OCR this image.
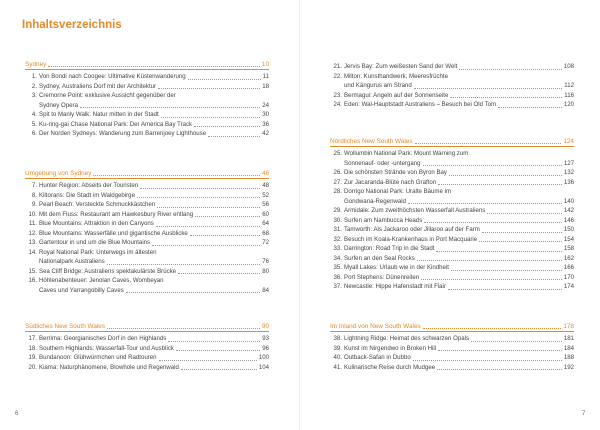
Inhaltsverzeichnis
Sydney	10
1. Von Bondi nach Coogee: Ultimative Küstenwanderung	11
2. Sydney, Australiens Dorf mit der Architektur	18
3. Cremorne Point: exklusive Aussicht gegenüber der
Sydney Opera	24
4. Spit to Manly Walk: Natur mitten in der Stadt	30
5. Ku-ring-gai Chase National Park: Der America Bay Track	36
6. Der Norden Sydneys: Wanderung zum Barrenjoey Lighthouse	42
Umgebung von Sydney	46
7. Hunter Region: Abseits der Touristen	48
8. Kiltorans: Die Stadt im Waldgebirge	52
9. Pearl Beach: Versteckte Schmuckkästchen	56
10. Mit dem Fluss: Restaurant am Hawkesbury River entlang	60
11. Blue Mountains: Attraktion in den Canyons	64
12. Blue Mountains: Wasserfälle und gigantische Ausblicke	68
13. Gartentour in und um die Blue Mountains	72
14. Royal National Park: Unterwegs im ältesten
Nationalpark Australiens	76
15. Sea Cliff Bridge: Australiens spektakulärste Brücke	80
16. Höhlenabenteuer: Jenolan Caves, Wombeyan
Caves und Yarrangobilly Caves	84
Südliches New South Wales	90
17. Berrima: Georgianisches Dorf in den Highlands	93
18. Southern Highlands: Wasserfall-Tour und Ausblick	96
19. Bundanoon: Glühwürmchen und Radtouren	100
20. Kiama: Naturphänomene, Blowhole und Regenwald	104
6
21. Jervis Bay: Zum weißesten Sand der Welt	108
22. Milton: Kunsthandwerk, Meeresfrüchte
und Kängurus am Strand	112
23. Bermagui: Angeln auf der Sonnenseite	116
24. Eden: Wal-Hauptstadt Australiens – Besuch bei Old Tom	120
Nördliches New South Wales	124
25. Wollumbin National Park: Mount Warning zum
Sonnenauf- oder -untergang	127
26. Die schönsten Strände von Byron Bay	132
27. Zur Jacaranda-Blüte nach Grafton	136
28. Dorrigo National Park: Uralte Bäume im
Gondwana-Regenwald	140
29. Armidale: Zum zweithöchsten Wasserfall Australiens	142
30. Surfen am Nambucca Heads	146
31. Tamworth: Als Jackaroo oder Jillaroo auf der Farm	150
32. Besuch im Koala-Krankenhaus in Port Macquarie	154
33. Darrington: Road Trip in die Stadt	158
34. Surfen an den Seal Rocks	162
35. Myall Lakes: Urlaub wie in der Kindheit	166
36. Port Stephens: Dünenreiten	170
37. Newcastle: Hippe Hafenstadt mit Flair	174
Im Inland von New South Wales	178
38. Lightning Ridge: Heimat des schwarzen Opals	181
39. Kunst im Nirgendwo in Broken Hill	184
40. Outback-Safari in Dubbo	188
41. Kulinarische Reise durch Mudgee	192
7
